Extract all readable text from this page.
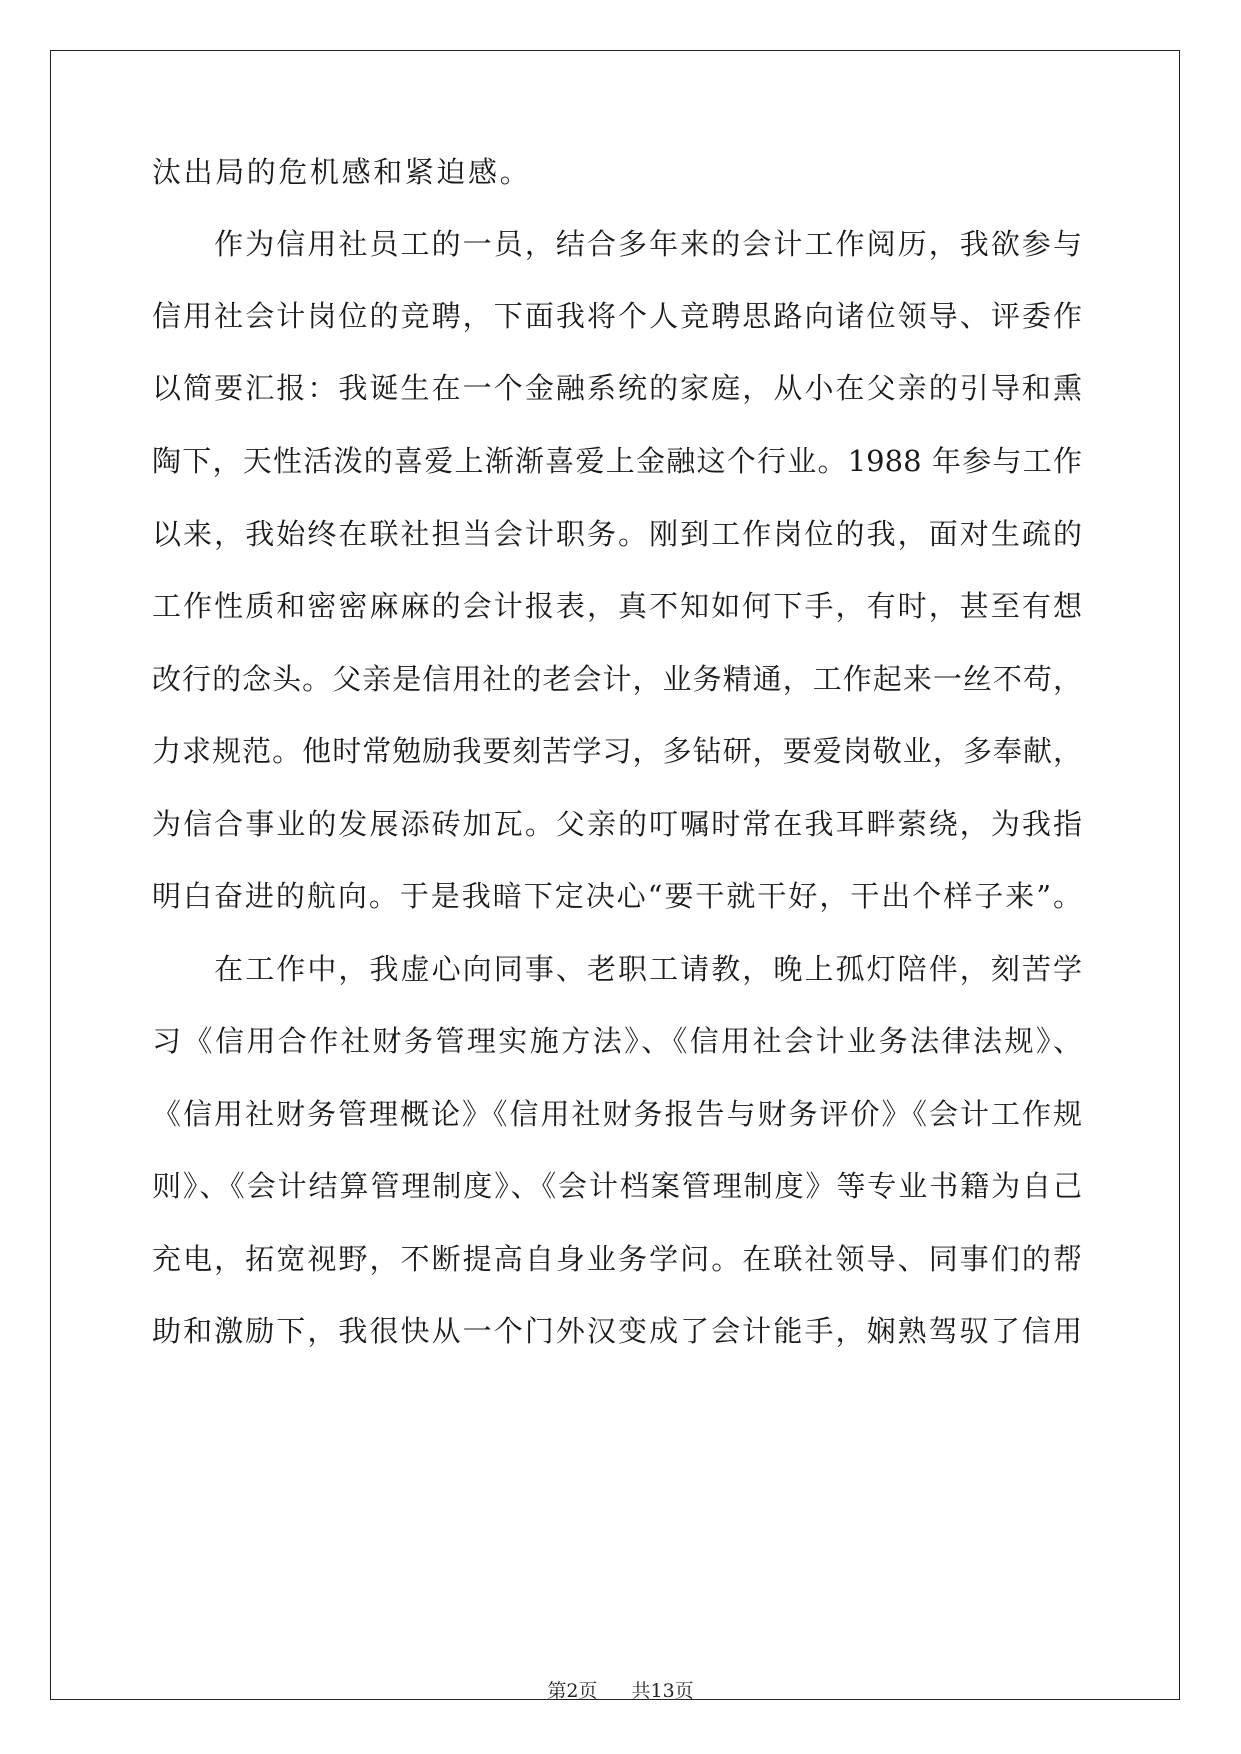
汰出局的危机感和紧迫感。
　　作为信用社员工的一员，结合多年来的会计工作阅历，我欲参与
信用社会计岗位的竞聘，下面我将个人竞聘思路向诸位领导、评委作
以简要汇报：我诞生在一个金融系统的家庭，从小在父亲的引导和熏
陶下，天性活泼的喜爱上渐渐喜爱上金融这个行业。1988 年参与工作
以来，我始终在联社担当会计职务。刚到工作岗位的我，面对生疏的
工作性质和密密麻麻的会计报表，真不知如何下手，有时，甚至有想
改行的念头。父亲是信用社的老会计，业务精通，工作起来一丝不苟，
力求规范。他时常勉励我要刻苦学习，多钻研，要爱岗敬业，多奉献，
为信合事业的发展添砖加瓦。父亲的叮嘱时常在我耳畔萦绕，为我指
明白奋进的航向。于是我暗下定决心“要干就干好，干出个样子来”。
　　在工作中，我虚心向同事、老职工请教，晚上孤灯陪伴，刻苦学
习《信用合作社财务管理实施方法》、《信用社会计业务法律法规》、
《信用社财务管理概论》《信用社财务报告与财务评价》《会计工作规
则》、《会计结算管理制度》、《会计档案管理制度》等专业书籍为自己
充电，拓宽视野，不断提高自身业务学问。在联社领导、同事们的帮
助和激励下，我很快从一个门外汉变成了会计能手，娴熟驾驭了信用
第2页 共13页
